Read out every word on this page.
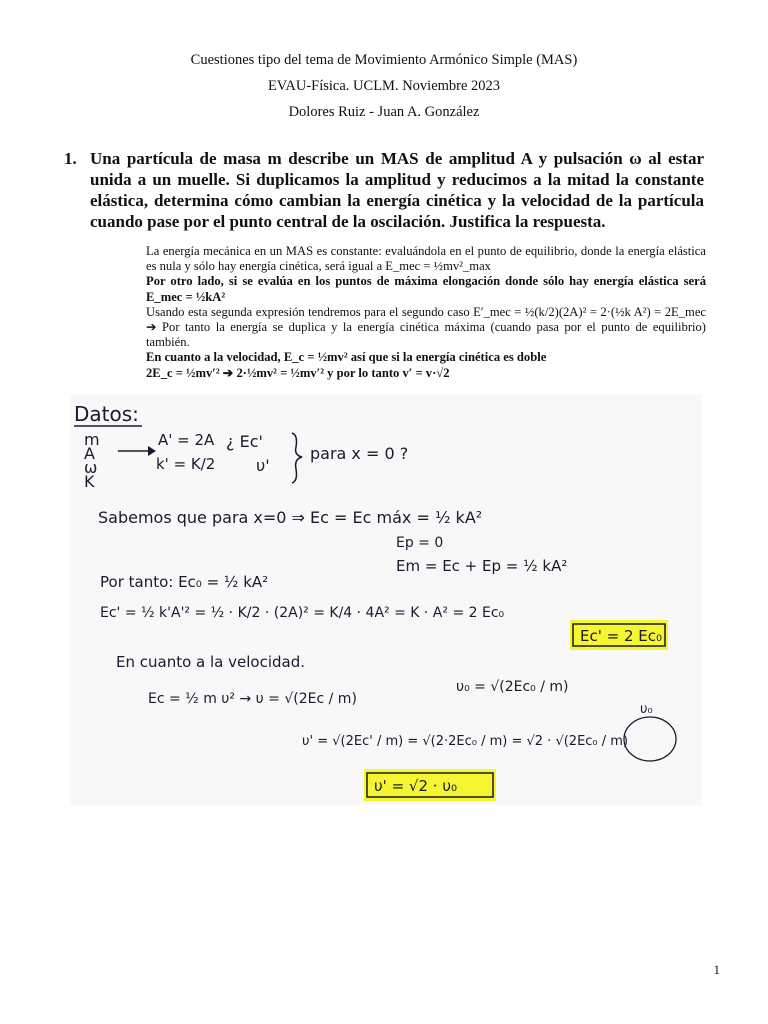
Cuestiones tipo del tema de Movimiento Armónico Simple (MAS)
EVAU-Física. UCLM. Noviembre 2023
Dolores Ruiz - Juan A. González
1. Una partícula de masa m describe un MAS de amplitud A y pulsación ω al estar unida a un muelle. Si duplicamos la amplitud y reducimos a la mitad la constante elástica, determina cómo cambian la energía cinética y la velocidad de la partícula cuando pase por el punto central de la oscilación. Justifica la respuesta.

La energía mecánica en un MAS es constante: evaluándola en el punto de equilibrio, donde la energía elástica es nula y sólo hay energía cinética, será igual a E_mec = ½mv²_max

Por otro lado, si se evalúa en los puntos de máxima elongación donde sólo hay energía elástica será E_mec = ½kA²

Usando esta segunda expresión tendremos para el segundo caso E′_mec = ½(k/2)(2A)² = 2·(½k A²) = 2E_mec ➔ Por tanto la energía se duplica y la energía cinética máxima (cuando pasa por el punto de equilibrio) también.

En cuanto a la velocidad, E_c = ½mv² así que si la energía cinética es doble

2E_c = ½mv′² ➔ 2·½mv² = ½mv′² y por lo tanto v′ = v·√2

Datos:
m
A
ω
K
A' = 2A
k' = K/2
¿ Ec'
υ'
para x = 0 ?
Sabemos que para x=0 ⇒ Ec = Ec máx = ½ kA²
Ep = 0
Em = Ec + Ep = ½ kA²
Por tanto: Ec₀ = ½ kA²
Ec' = ½ k'A'² = ½ · K/2 · (2A)² = K/4 · 4A² = K · A² = 2 Ec₀
Ec' = 2 Ec₀
En cuanto a la velocidad.
Ec = ½ m υ² → υ = √(2Ec / m)
υ₀ = √(2Ec₀ / m)
υ₀
υ' = √(2Ec' / m) = √(2·2Ec₀ / m) = √2 · √(2Ec₀ / m)
υ' = √2 · υ₀
1
